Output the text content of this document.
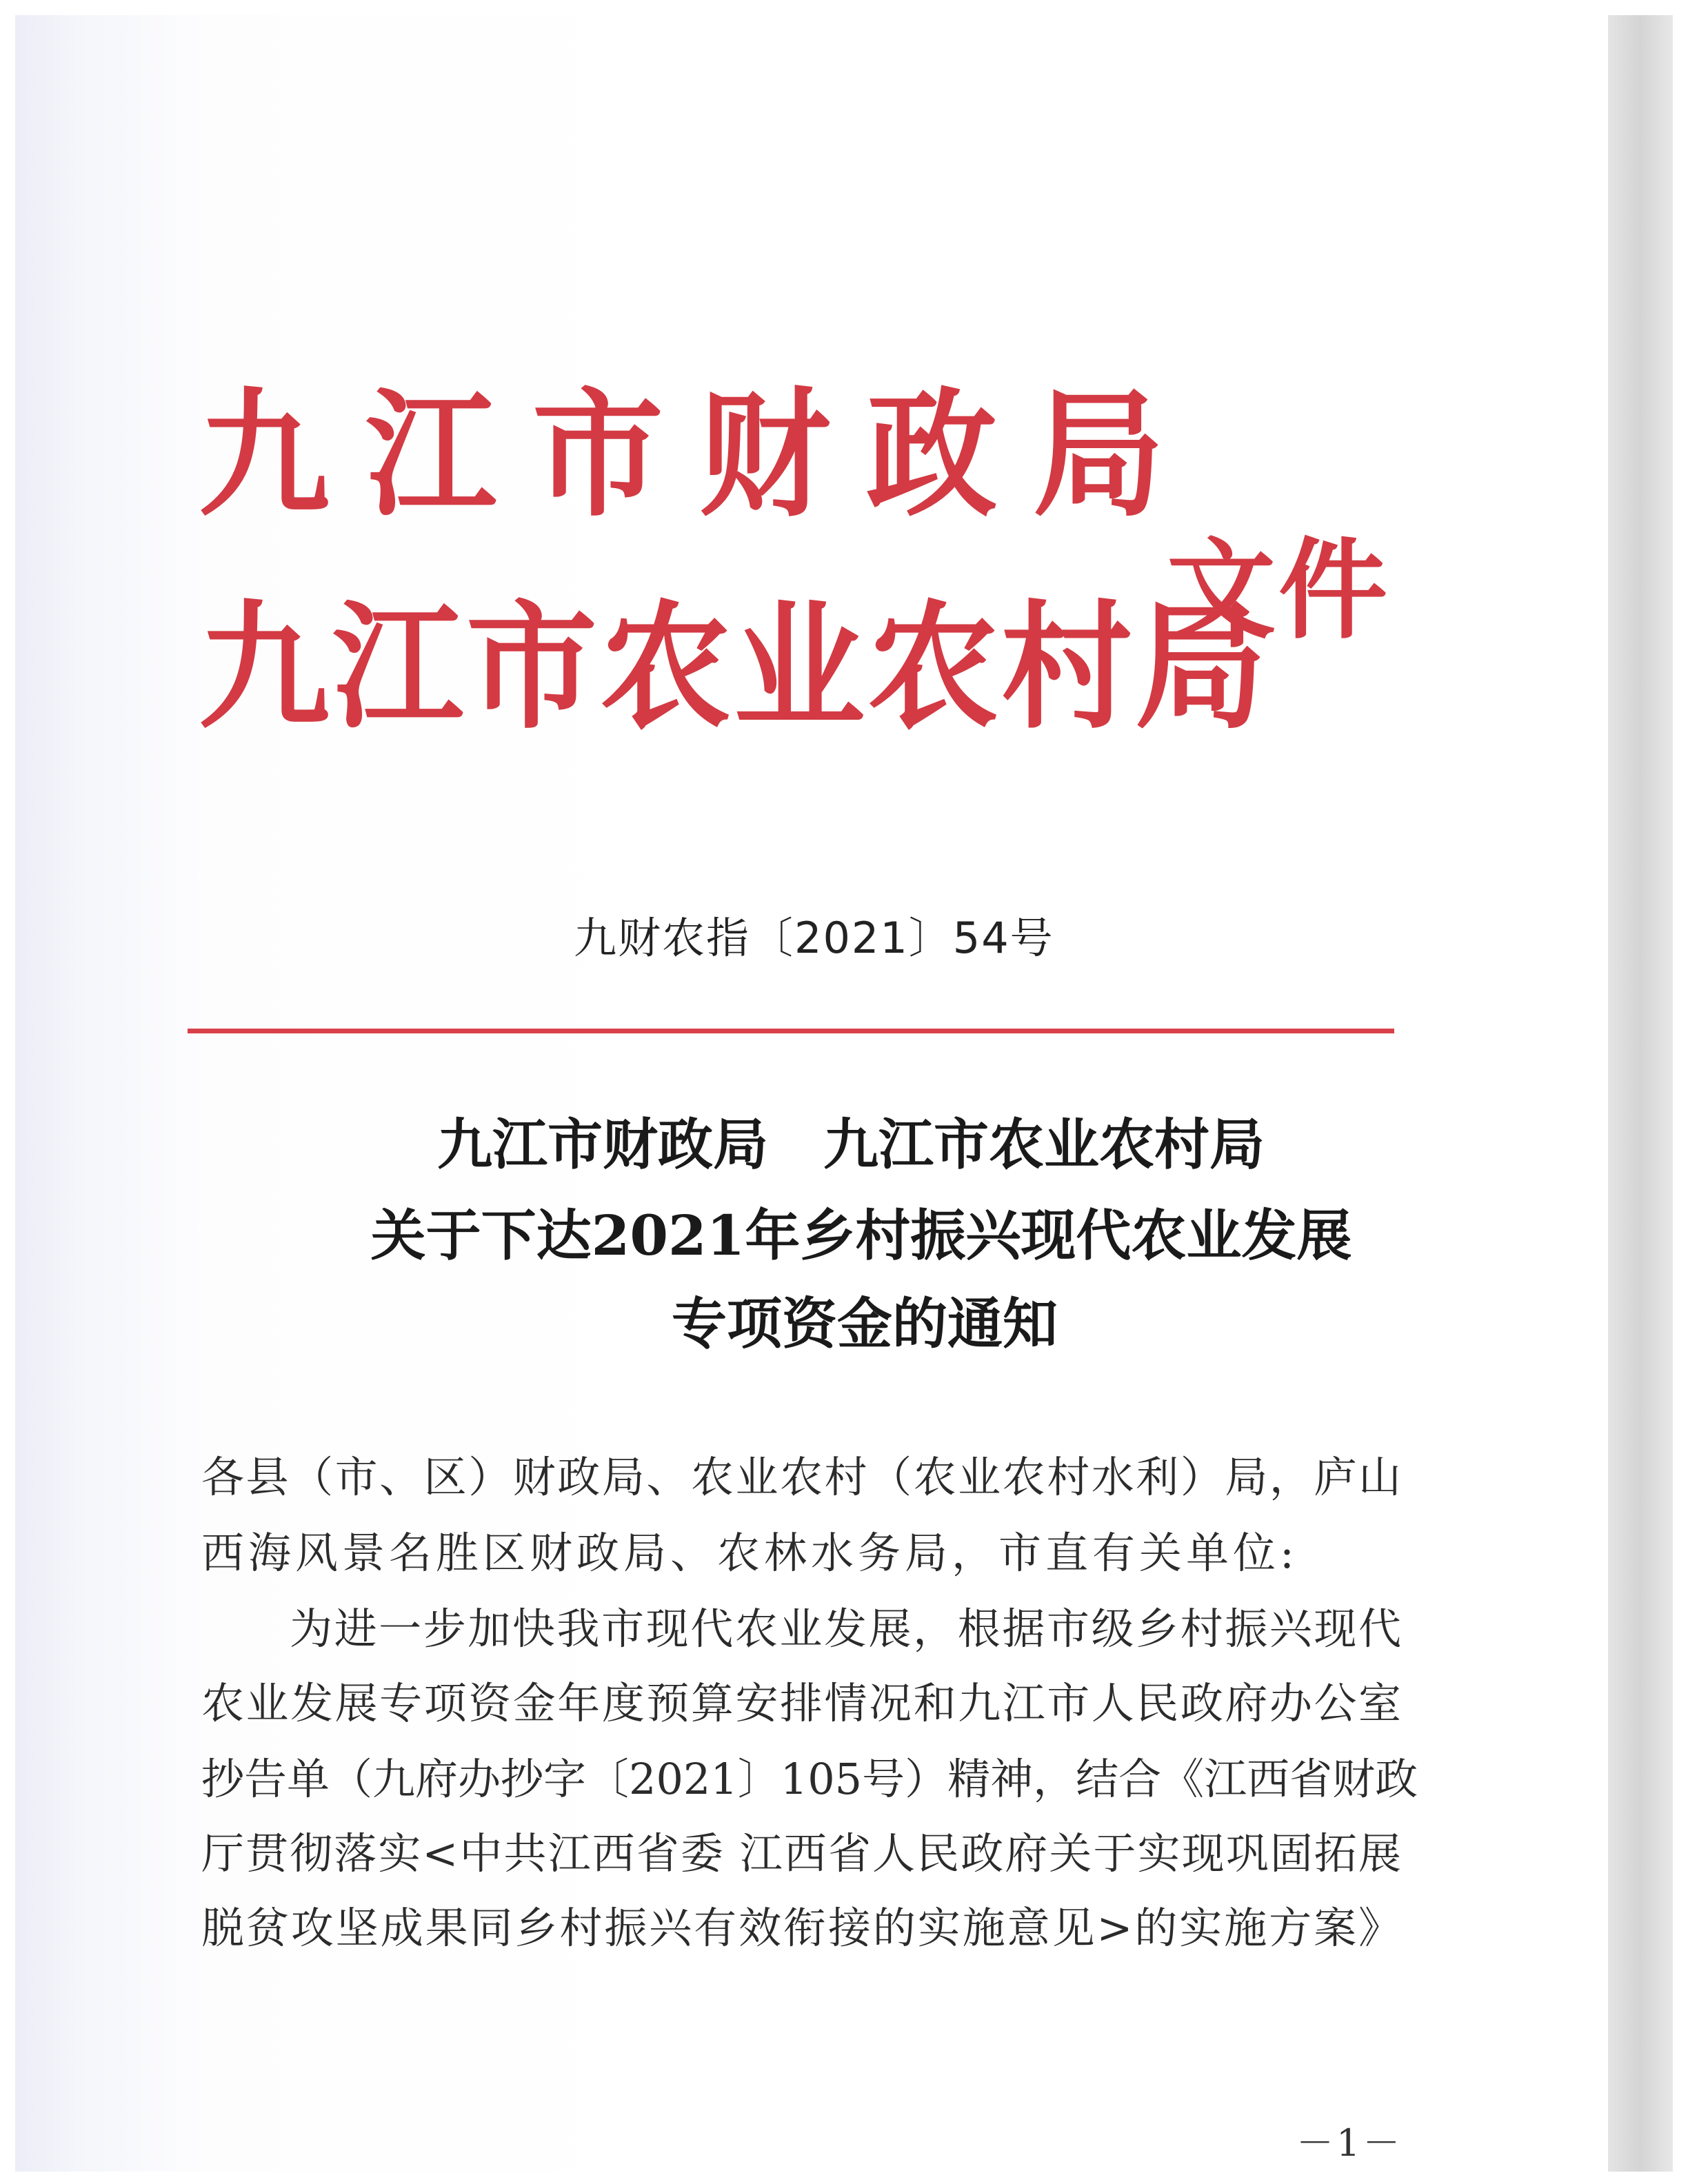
九江市财政局
九江市农业农村局
文件
九财农指〔2021〕54号
九江市财政局　九江市农业农村局
关于下达2021年乡村振兴现代农业发展
专项资金的通知
各县（市、区）财政局、农业农村（农业农村水利）局，庐山
西海风景名胜区财政局、农林水务局，市直有关单位:
为进一步加快我市现代农业发展，根据市级乡村振兴现代
农业发展专项资金年度预算安排情况和九江市人民政府办公室
抄告单（九府办抄字〔2021〕105号）精神，结合《江西省财政
厅贯彻落实<中共江西省委 江西省人民政府关于实现巩固拓展
脱贫攻坚成果同乡村振兴有效衔接的实施意见>的实施方案》
－1－
